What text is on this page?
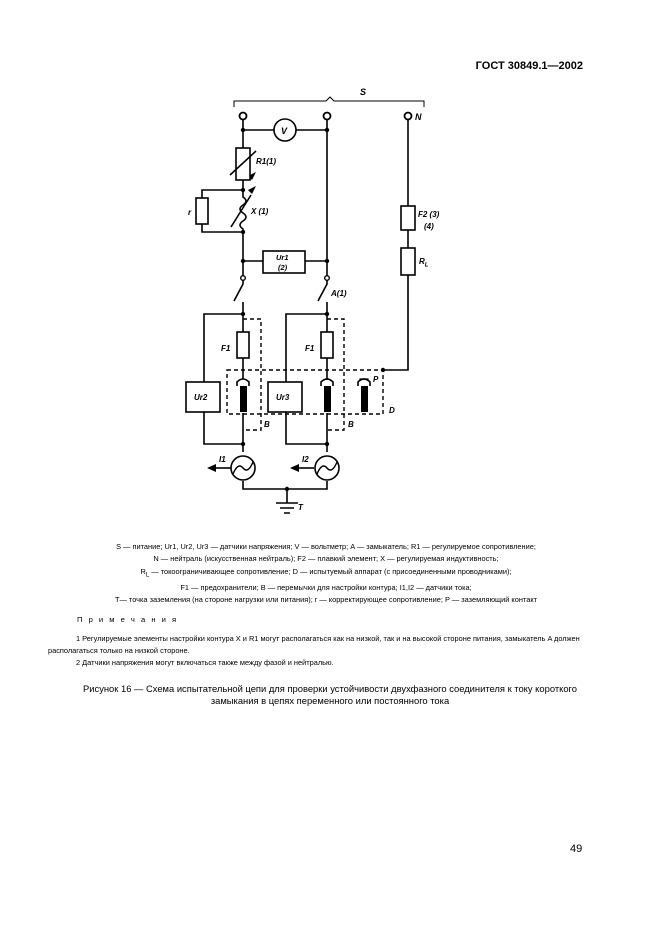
ГОСТ 30849.1—2002
S
N
V
R1(1)
r	X (1)
Ur1
(2)
A(1)
F2 (3)
(4)
$R_L$
F1	F1
Ur2	Ur3
B	B
P
D
I1	I2
T
S — питание; Ur1, Ur2, Ur3 — датчики напряжения; V — вольтметр; A — замыкатель; R1 — регулируемое сопротивление;
N — нейтраль (искусственная нейтраль); F2 — плавкий элемент; X — регулируемая индуктивность;
$R_L$ — токоограничивающее сопротивление; D — испытуемый аппарат (с присоединенными проводниками);
F1 — предохранители; B — перемычки для настройки контура; I1,I2 — датчики тока;
T— точка заземления (на стороне нагрузки или питания); r — корректирующее сопротивление; P — заземляющий контакт
П р и м е ч а н и я
1 Регулируемые элементы настройки контура X и R1 могут располагаться как на низкой, так и на высокой стороне питания, замыкатель A должен располагаться только на низкой стороне.
2 Датчики напряжения могут включаться также между фазой и нейтралью.
Рисунок 16 — Схема испытательной цепи для проверки устойчивости двухфазного соединителя к току короткого
замыкания в цепях переменного или постоянного тока
49
